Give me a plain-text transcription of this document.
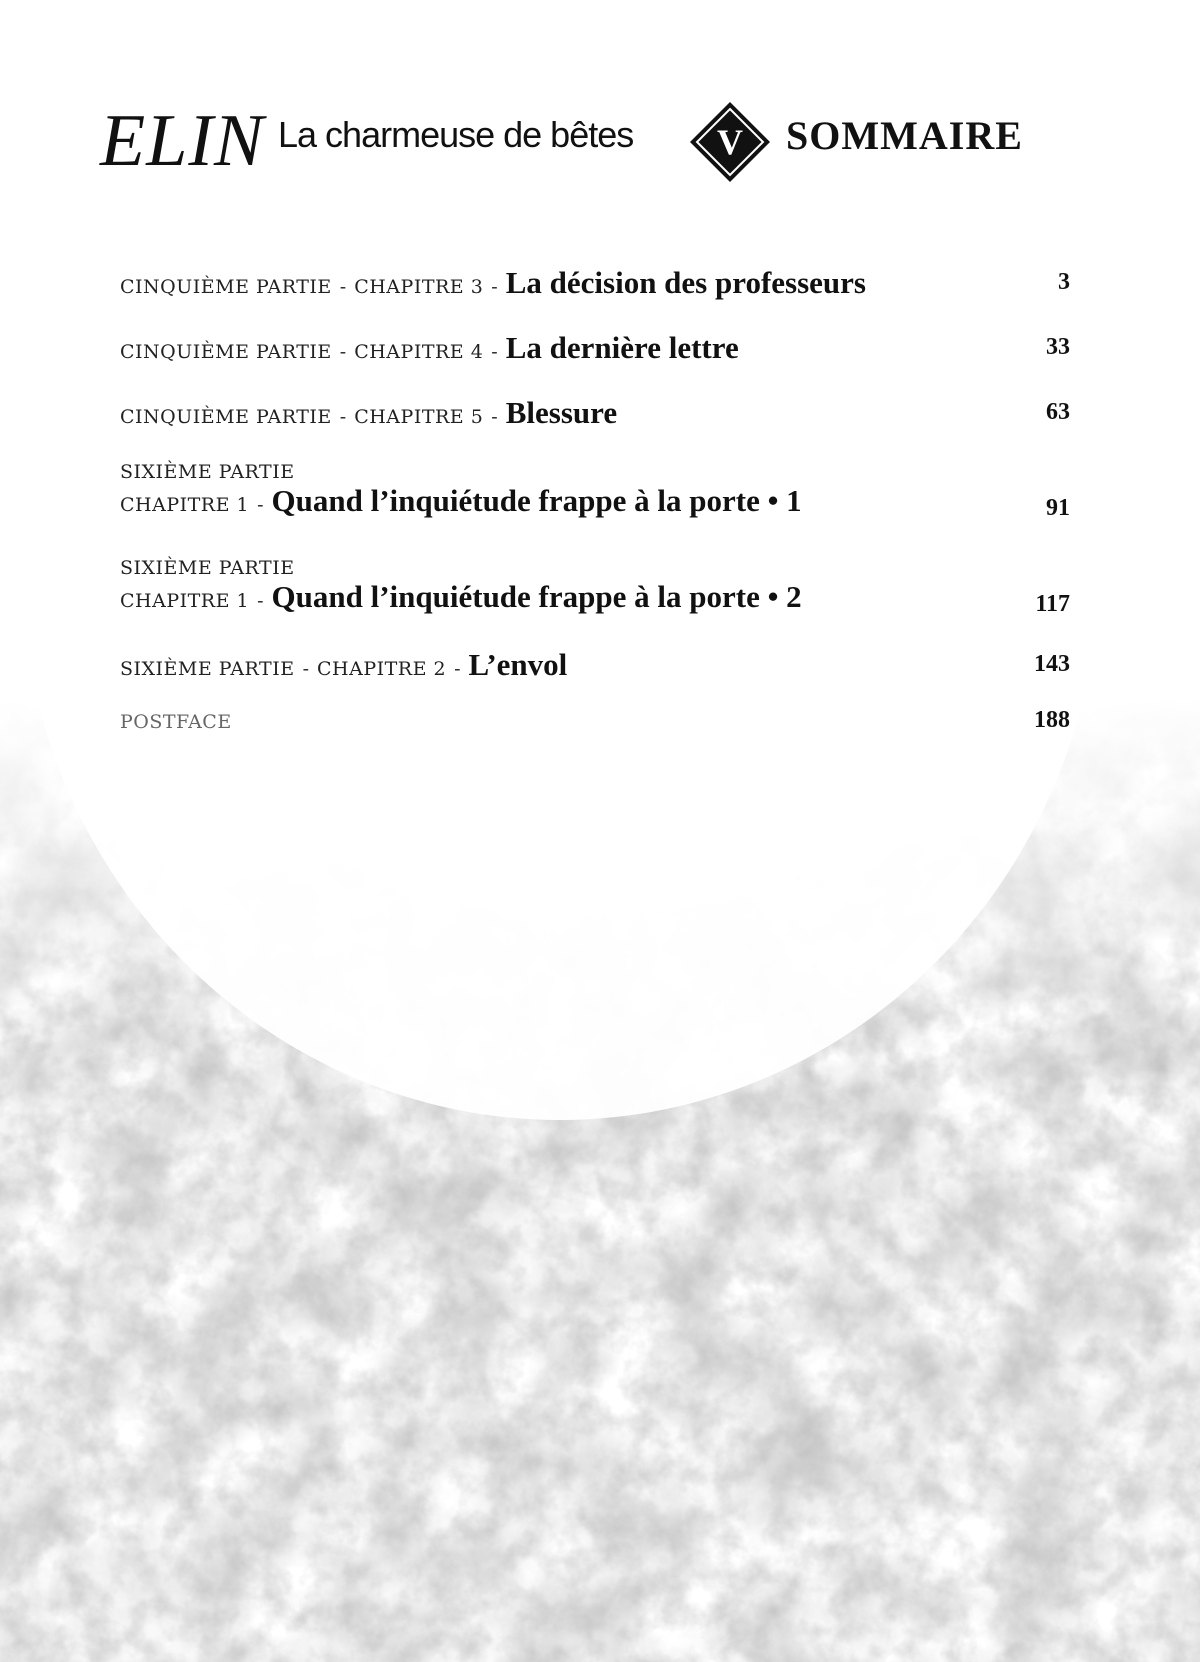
ELIN La charmeuse de bêtes	V	SOMMAIRE
CINQUIÈME PARTIE - CHAPITRE 3 - La décision des professeurs	3
CINQUIÈME PARTIE - CHAPITRE 4 - La dernière lettre	33
CINQUIÈME PARTIE - CHAPITRE 5 - Blessure	63
SIXIÈME PARTIE
CHAPITRE 1 - Quand l’inquiétude frappe à la porte • 1	91
SIXIÈME PARTIE
CHAPITRE 1 - Quand l’inquiétude frappe à la porte • 2	117
SIXIÈME PARTIE - CHAPITRE 2 - L’envol	143
POSTFACE	188
